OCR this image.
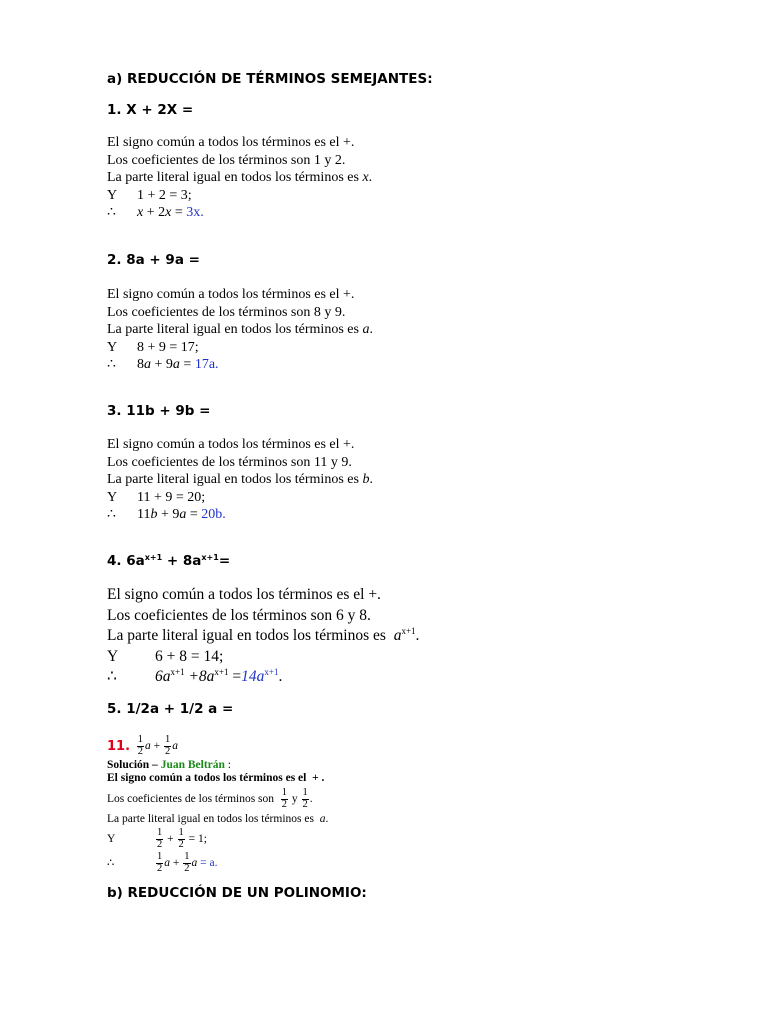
a) REDUCCIÓN DE TÉRMINOS SEMEJANTES:
1. X + 2X =
El signo común a todos los términos es el +.
Los coeficientes de los términos son 1 y 2.
La parte literal igual en todos los términos es x.
Y 1 + 2 = 3;
∴ x + 2x = 3x.
2. 8a + 9a =
El signo común a todos los términos es el +.
Los coeficientes de los términos son 8 y 9.
La parte literal igual en todos los términos es a.
Y 8 + 9 = 17;
∴ 8a + 9a = 17a.
3. 11b + 9b =
El signo común a todos los términos es el +.
Los coeficientes de los términos son 11 y 9.
La parte literal igual en todos los términos es b.
Y 11 + 9 = 20;
∴ 11b + 9a = 20b.
4. $6a^{x+1} + 8a^{x+1}=$
El signo común a todos los términos es el +.
Los coeficientes de los términos son 6 y 8.
La parte literal igual en todos los términos es $a^{x+1}$.
Y 6 + 8 = 14;
∴ $6a^{x+1} +8a^{x+1} =14a^{x+1}$.
5. 1/2a + 1/2 a =
11.
$\frac{1}{2}$ a
+
$\frac{1}{2}$ a
Solución – Juan Beltrán :
El signo común a todos los términos es el + .
Los coeficientes de los términos son
$\frac{1}{2}$
y
$\frac{1}{2}$ .
La parte literal igual en todos los términos es a.
Y	$\frac{1}{2}$
+
$\frac{1}{2}$
= 1;
∴	$\frac{1}{2}$ a
+
$\frac{1}{2}$ a
= a.
b) REDUCCIÓN DE UN POLINOMIO:
